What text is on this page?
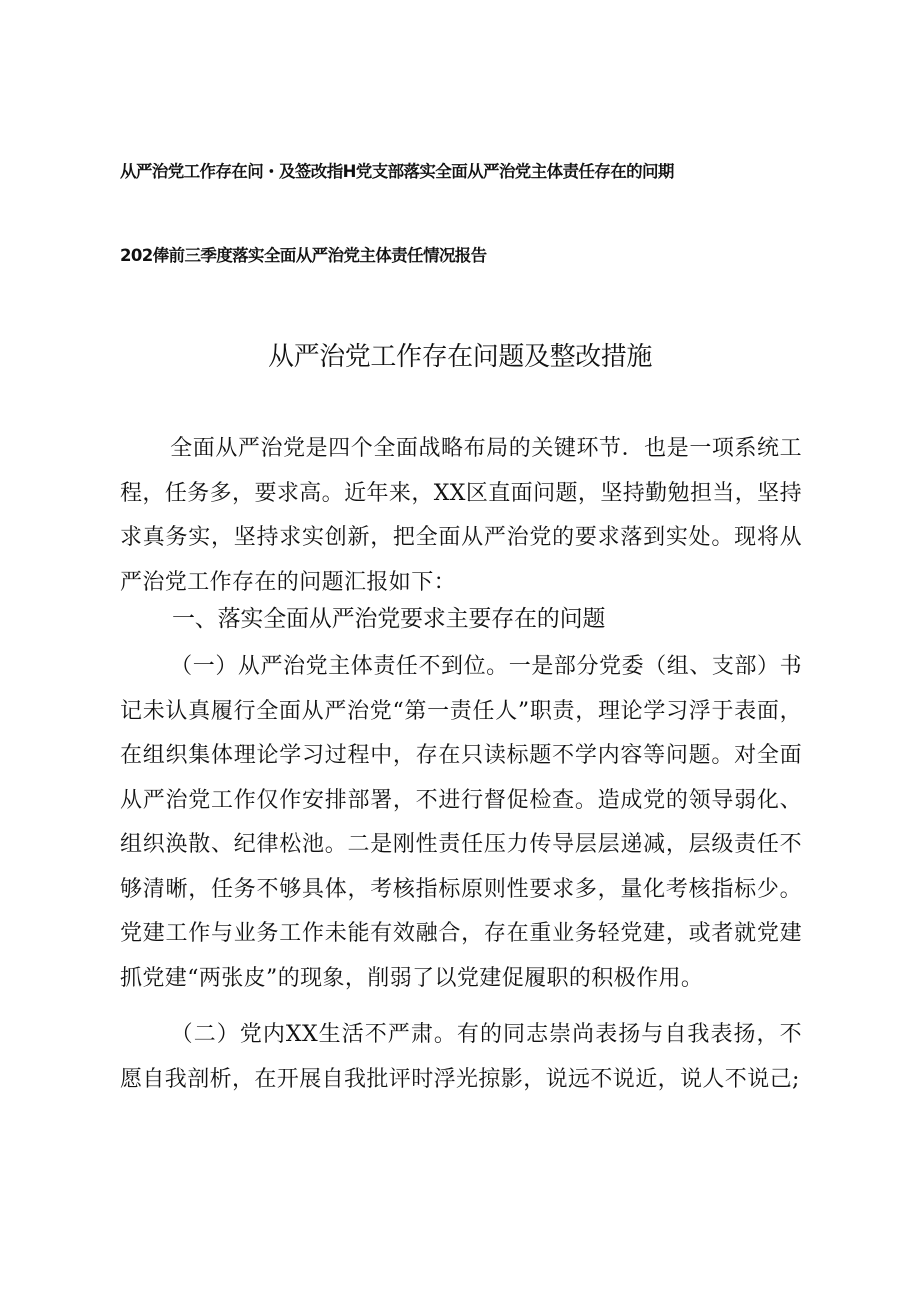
从严治党工作存在问・及签改指H党支部落实全面从严治党主体责任存在的问期
202俸前三季度落实全面从严治党主体责任情况报告
从严治党工作存在问题及整改措施
全面从严治党是四个全面战略布局的关键环节．也是一项系统工程，任务多，要求高。近年来，XX区直面问题，坚持勤勉担当，坚持求真务实，坚持求实创新，把全面从严治党的要求落到实处。现将从严治党工作存在的问题汇报如下：
一、落实全面从严治党要求主要存在的问题
（一）从严治党主体责任不到位。一是部分党委（组、支部）书记未认真履行全面从严治党“第一责任人”职责，理论学习浮于表面，在组织集体理论学习过程中，存在只读标题不学内容等问题。对全面从严治党工作仅作安排部署，不进行督促检查。造成党的领导弱化、组织涣散、纪律松池。二是刚性责任压力传导层层递减，层级责任不够清晰，任务不够具体，考核指标原则性要求多，量化考核指标少。党建工作与业务工作未能有效融合，存在重业务轻党建，或者就党建抓党建“两张皮”的现象，削弱了以党建促履职的积极作用。
（二）党内XX生活不严肃。有的同志崇尚表扬与自我表扬，不愿自我剖析，在开展自我批评时浮光掠影，说远不说近，说人不说己;
